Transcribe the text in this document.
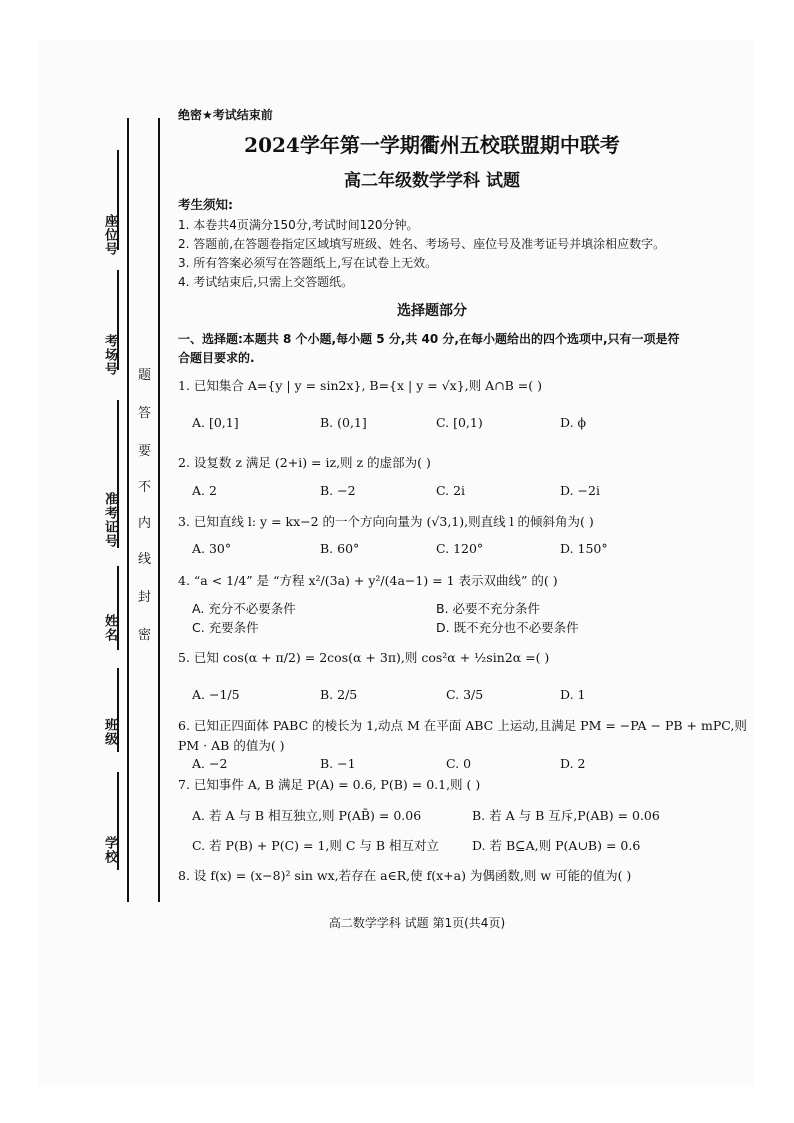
座位号
考场号
准考证号
姓名
班级
学校
题
答
要
不
内
线
封
密
绝密★考试结束前
2024学年第一学期衢州五校联盟期中联考
高二年级数学学科 试题
考生须知:
1. 本卷共4页满分150分,考试时间120分钟。
2. 答题前,在答题卷指定区域填写班级、姓名、考场号、座位号及准考证号并填涂相应数字。
3. 所有答案必须写在答题纸上,写在试卷上无效。
4. 考试结束后,只需上交答题纸。
选择题部分
一、选择题:本题共 8 个小题,每小题 5 分,共 40 分,在每小题给出的四个选项中,只有一项是符
合题目要求的.
1. 已知集合 A={y | y = sin2x}, B={x | y = √x},则 A∩B =( )
A. [0,1]	B. (0,1]	C. [0,1)	D. ϕ
2. 设复数 z 满足 (2+i) = iz,则 z 的虚部为( )
A. 2	B. −2	C. 2i	D. −2i
3. 已知直线 l: y = kx−2 的一个方向向量为 (√3,1),则直线 l 的倾斜角为( )
A. 30°	B. 60°	C. 120°	D. 150°
4. “a < 1/4” 是 “方程 x²/(3a) + y²/(4a−1) = 1 表示双曲线” 的( )
A. 充分不必要条件	B. 必要不充分条件
C. 充要条件	D. 既不充分也不必要条件
5. 已知 cos(α + π/2) = 2cos(α + 3π),则 cos²α + ½sin2α =( )
A. −1/5	B. 2/5	C. 3/5	D. 1
6. 已知正四面体 PABC 的棱长为 1,动点 M 在平面 ABC 上运动,且满足 PM = −PA − PB + mPC,则
PM · AB 的值为( )
A. −2	B. −1	C. 0	D. 2
7. 已知事件 A, B 满足 P(A) = 0.6, P(B) = 0.1,则 ( )
A. 若 A 与 B 相互独立,则 P(AB̄) = 0.06	B. 若 A 与 B 互斥,P(AB) = 0.06
C. 若 P(B) + P(C) = 1,则 C 与 B 相互对立	D. 若 B⊆A,则 P(A∪B) = 0.6
8. 设 f(x) = (x−8)² sin wx,若存在 a∈R,使 f(x+a) 为偶函数,则 w 可能的值为( )
高二数学学科 试题 第1页(共4页)
